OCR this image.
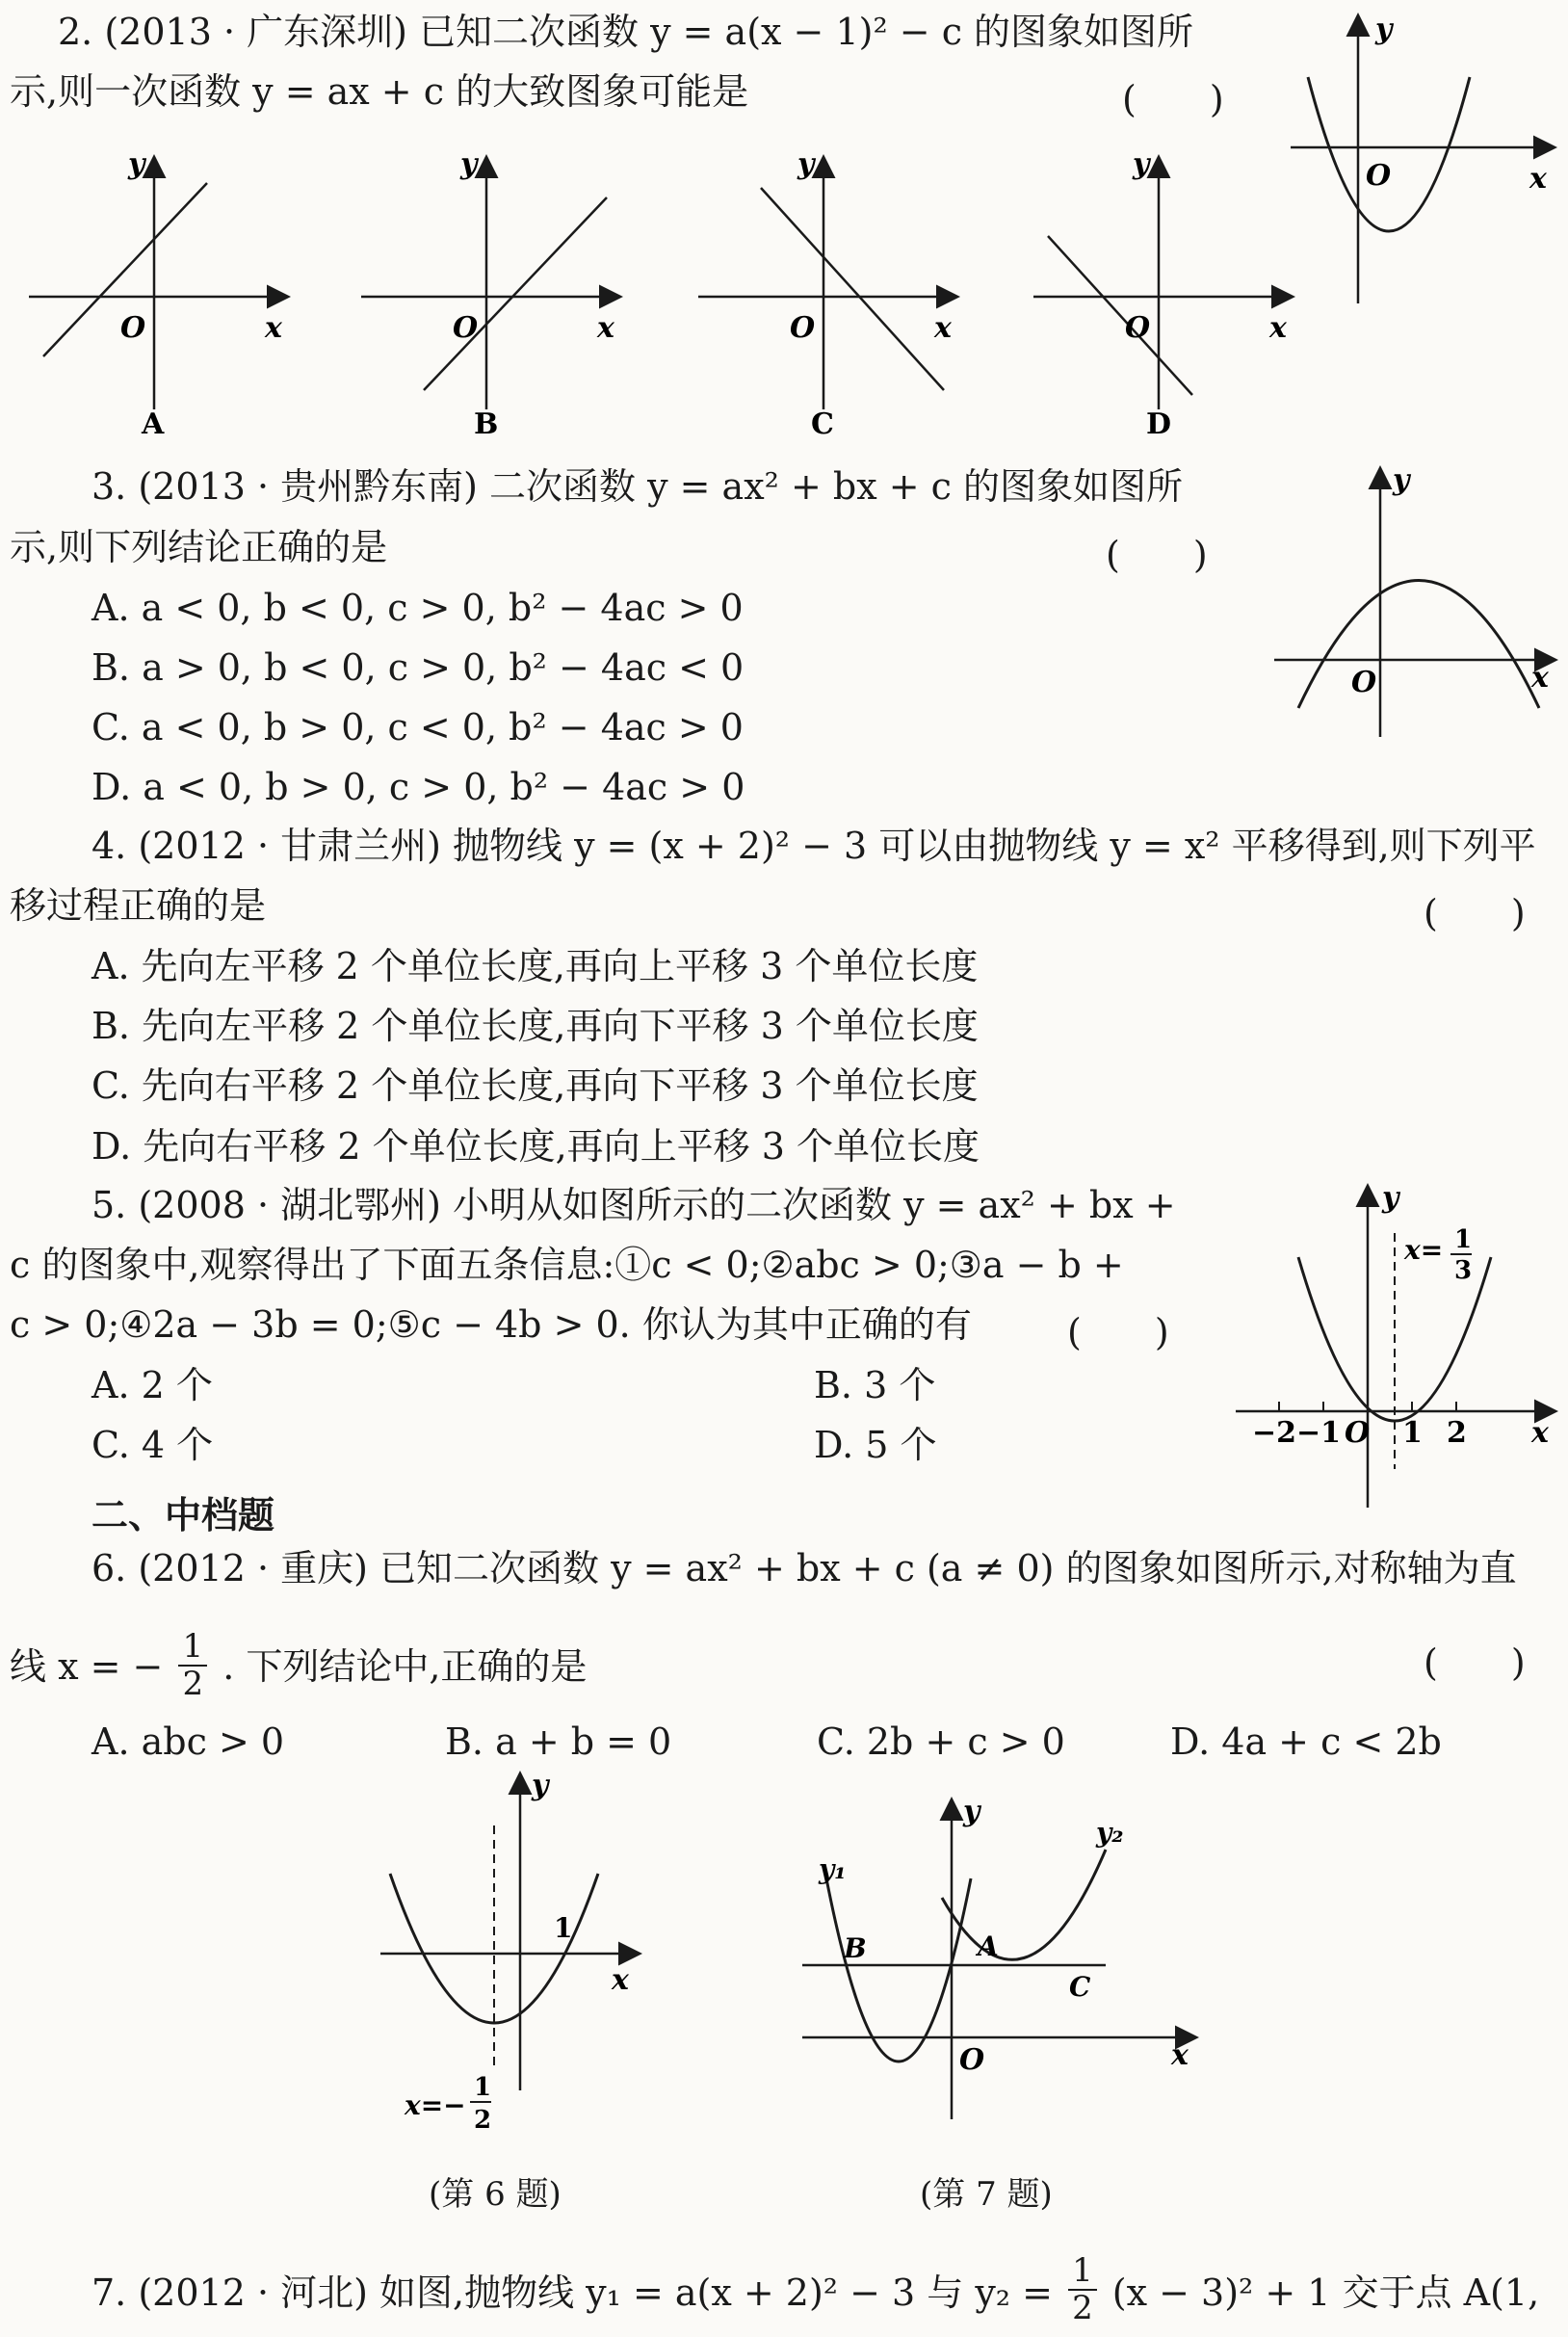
2. (2013 · 广东深圳) 已知二次函数 y = a(x − 1)² − c 的图象如图所
示,则一次函数 y = ax + c 的大致图象可能是	(　　)
y
x
O
y
x
O
A
y
x
O
B
y
x
O
C
y
x
O
D
3. (2013 · 贵州黔东南) 二次函数 y = ax² + bx + c 的图象如图所
示,则下列结论正确的是	(　　)
A. a < 0, b < 0, c > 0, b² − 4ac > 0
B. a > 0, b < 0, c > 0, b² − 4ac < 0
C. a < 0, b > 0, c < 0, b² − 4ac > 0
D. a < 0, b > 0, c > 0, b² − 4ac > 0
y
x
O
4. (2012 · 甘肃兰州) 抛物线 y = (x + 2)² − 3 可以由抛物线 y = x² 平移得到,则下列平
移过程正确的是	(　　)
A. 先向左平移 2 个单位长度,再向上平移 3 个单位长度
B. 先向左平移 2 个单位长度,再向下平移 3 个单位长度
C. 先向右平移 2 个单位长度,再向下平移 3 个单位长度
D. 先向右平移 2 个单位长度,再向上平移 3 个单位长度
5. (2008 · 湖北鄂州) 小明从如图所示的二次函数 y = ax² + bx +
c 的图象中,观察得出了下面五条信息:①c < 0;②abc > 0;③a − b +
c > 0;④2a − 3b = 0;⑤c − 4b > 0. 你认为其中正确的有	(　　)
A. 2 个	B. 3 个
C. 4 个	D. 5 个
y
x
O
x= 1
3
−2 −1 1 2
二、中档题
6. (2012 · 重庆) 已知二次函数 y = ax² + bx + c (a ≠ 0) 的图象如图所示,对称轴为直
线 x = − $\frac{1}{2}$ . 下列结论中,正确的是	(　　)
A. abc > 0	B. a + b = 0	C. 2b + c > 0	D. 4a + c < 2b
y
x
1
x=−
1
2
(第 6 题)
y₁
y₂
B	A
C
y
x
O
(第 7 题)
7. (2012 · 河北) 如图,抛物线 y₁ = a(x + 2)² − 3 与 $y_2 = \frac{1}{2} (x - 3)^2 + 1$ 交于点 A(1,
